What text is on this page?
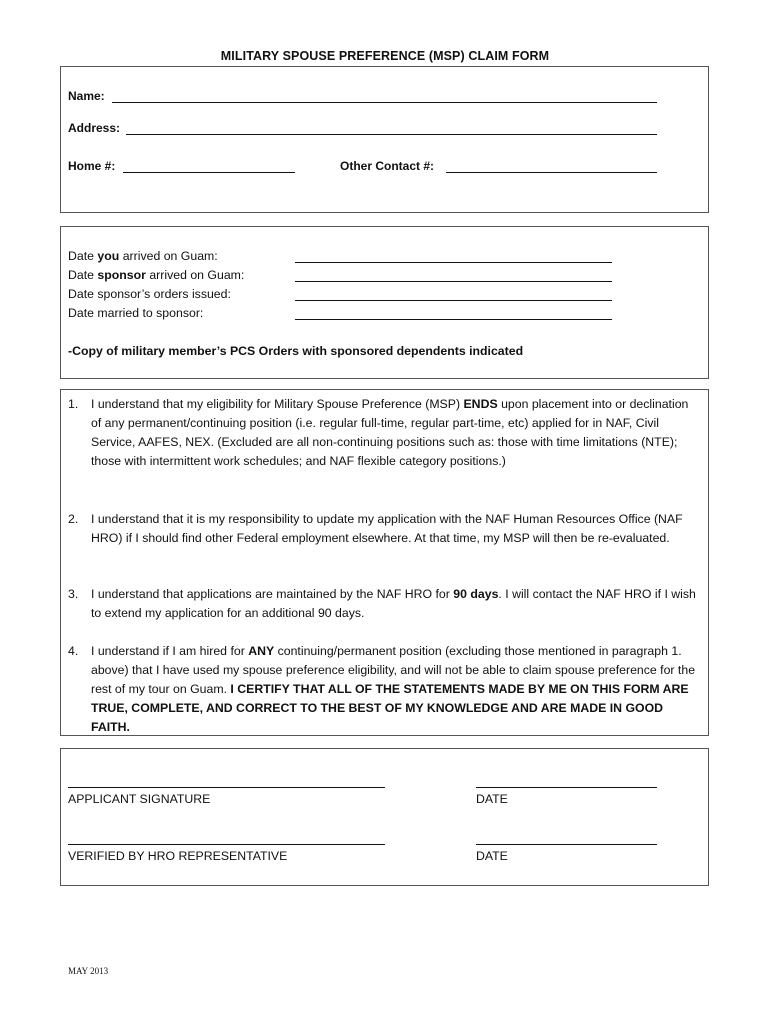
MILITARY SPOUSE PREFERENCE (MSP) CLAIM FORM
Name:
Address:
Home #:	Other Contact #:
Date you arrived on Guam:
Date sponsor arrived on Guam:
Date sponsor’s orders issued:
Date married to sponsor:
-Copy of military member’s PCS Orders with sponsored dependents indicated
1. I understand that my eligibility for Military Spouse Preference (MSP) ENDS upon placement into or declination of any permanent/continuing position (i.e. regular full-time, regular part-time, etc) applied for in NAF, Civil Service, AAFES, NEX. (Excluded are all non-continuing positions such as: those with time limitations (NTE); those with intermittent work schedules; and NAF flexible category positions.)
2. I understand that it is my responsibility to update my application with the NAF Human Resources Office (NAF HRO) if I should find other Federal employment elsewhere. At that time, my MSP will then be re-evaluated.
3. I understand that applications are maintained by the NAF HRO for 90 days. I will contact the NAF HRO if I wish to extend my application for an additional 90 days.
4. I understand if I am hired for ANY continuing/permanent position (excluding those mentioned in paragraph 1. above) that I have used my spouse preference eligibility, and will not be able to claim spouse preference for the rest of my tour on Guam. I CERTIFY THAT ALL OF THE STATEMENTS MADE BY ME ON THIS FORM ARE TRUE, COMPLETE, AND CORRECT TO THE BEST OF MY KNOWLEDGE AND ARE MADE IN GOOD FAITH.
APPLICANT SIGNATURE	DATE
VERIFIED BY HRO REPRESENTATIVE	DATE
MAY 2013
